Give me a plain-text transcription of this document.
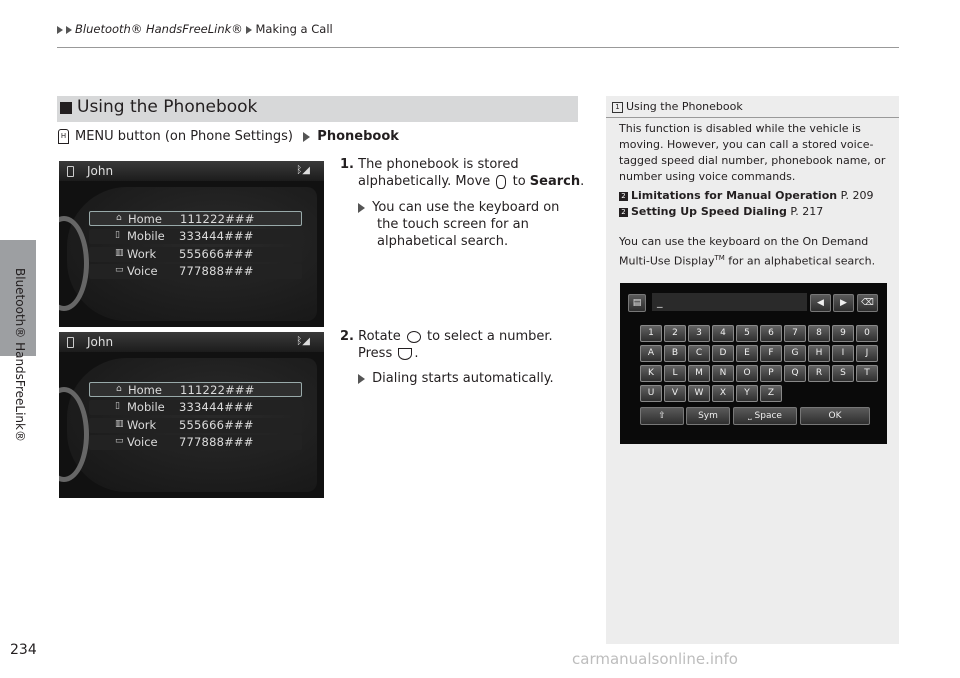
Bluetooth® HandsFreeLink® Making a Call
Bluetooth® HandsFreeLink®
234	carmanualsonline.info
Using the Phonebook
H MENU button (on Phone Settings) Phonebook
1. The phonebook is stored
alphabetically. Move to Search.
You can use the keyboard on
the touch screen for an
alphabetical search.
2. Rotate to select a number.
Press .
Dialing starts automatically.
John	ᛒ◢
⌂ Home 111222###
▯ Mobile 333444###
▥ Work 555666###
▭ Voice 777888###
John	ᛒ◢
⌂ Home 111222###
▯ Mobile 333444###
▥ Work 555666###
▭ Voice 777888###
1 Using the Phonebook

This function is disabled while the vehicle is moving. However, you can call a stored voice-tagged speed dial number, phonebook name, or number using voice commands.

2 Limitations for Manual Operation P. 209
2 Setting Up Speed Dialing P. 217

You can use the keyboard on the On Demand Multi-Use Display™ for an alphabetical search.

▤	_	◀	▶	⌫
1	2	3	4	5	6	7	8	9	0
A	B	C	D	E	F	G	H	I	J
K	L	M	N	O	P	Q	R	S	T
U	V	W	X	Y	Z
⇧	Sym	⎵ Space	OK
